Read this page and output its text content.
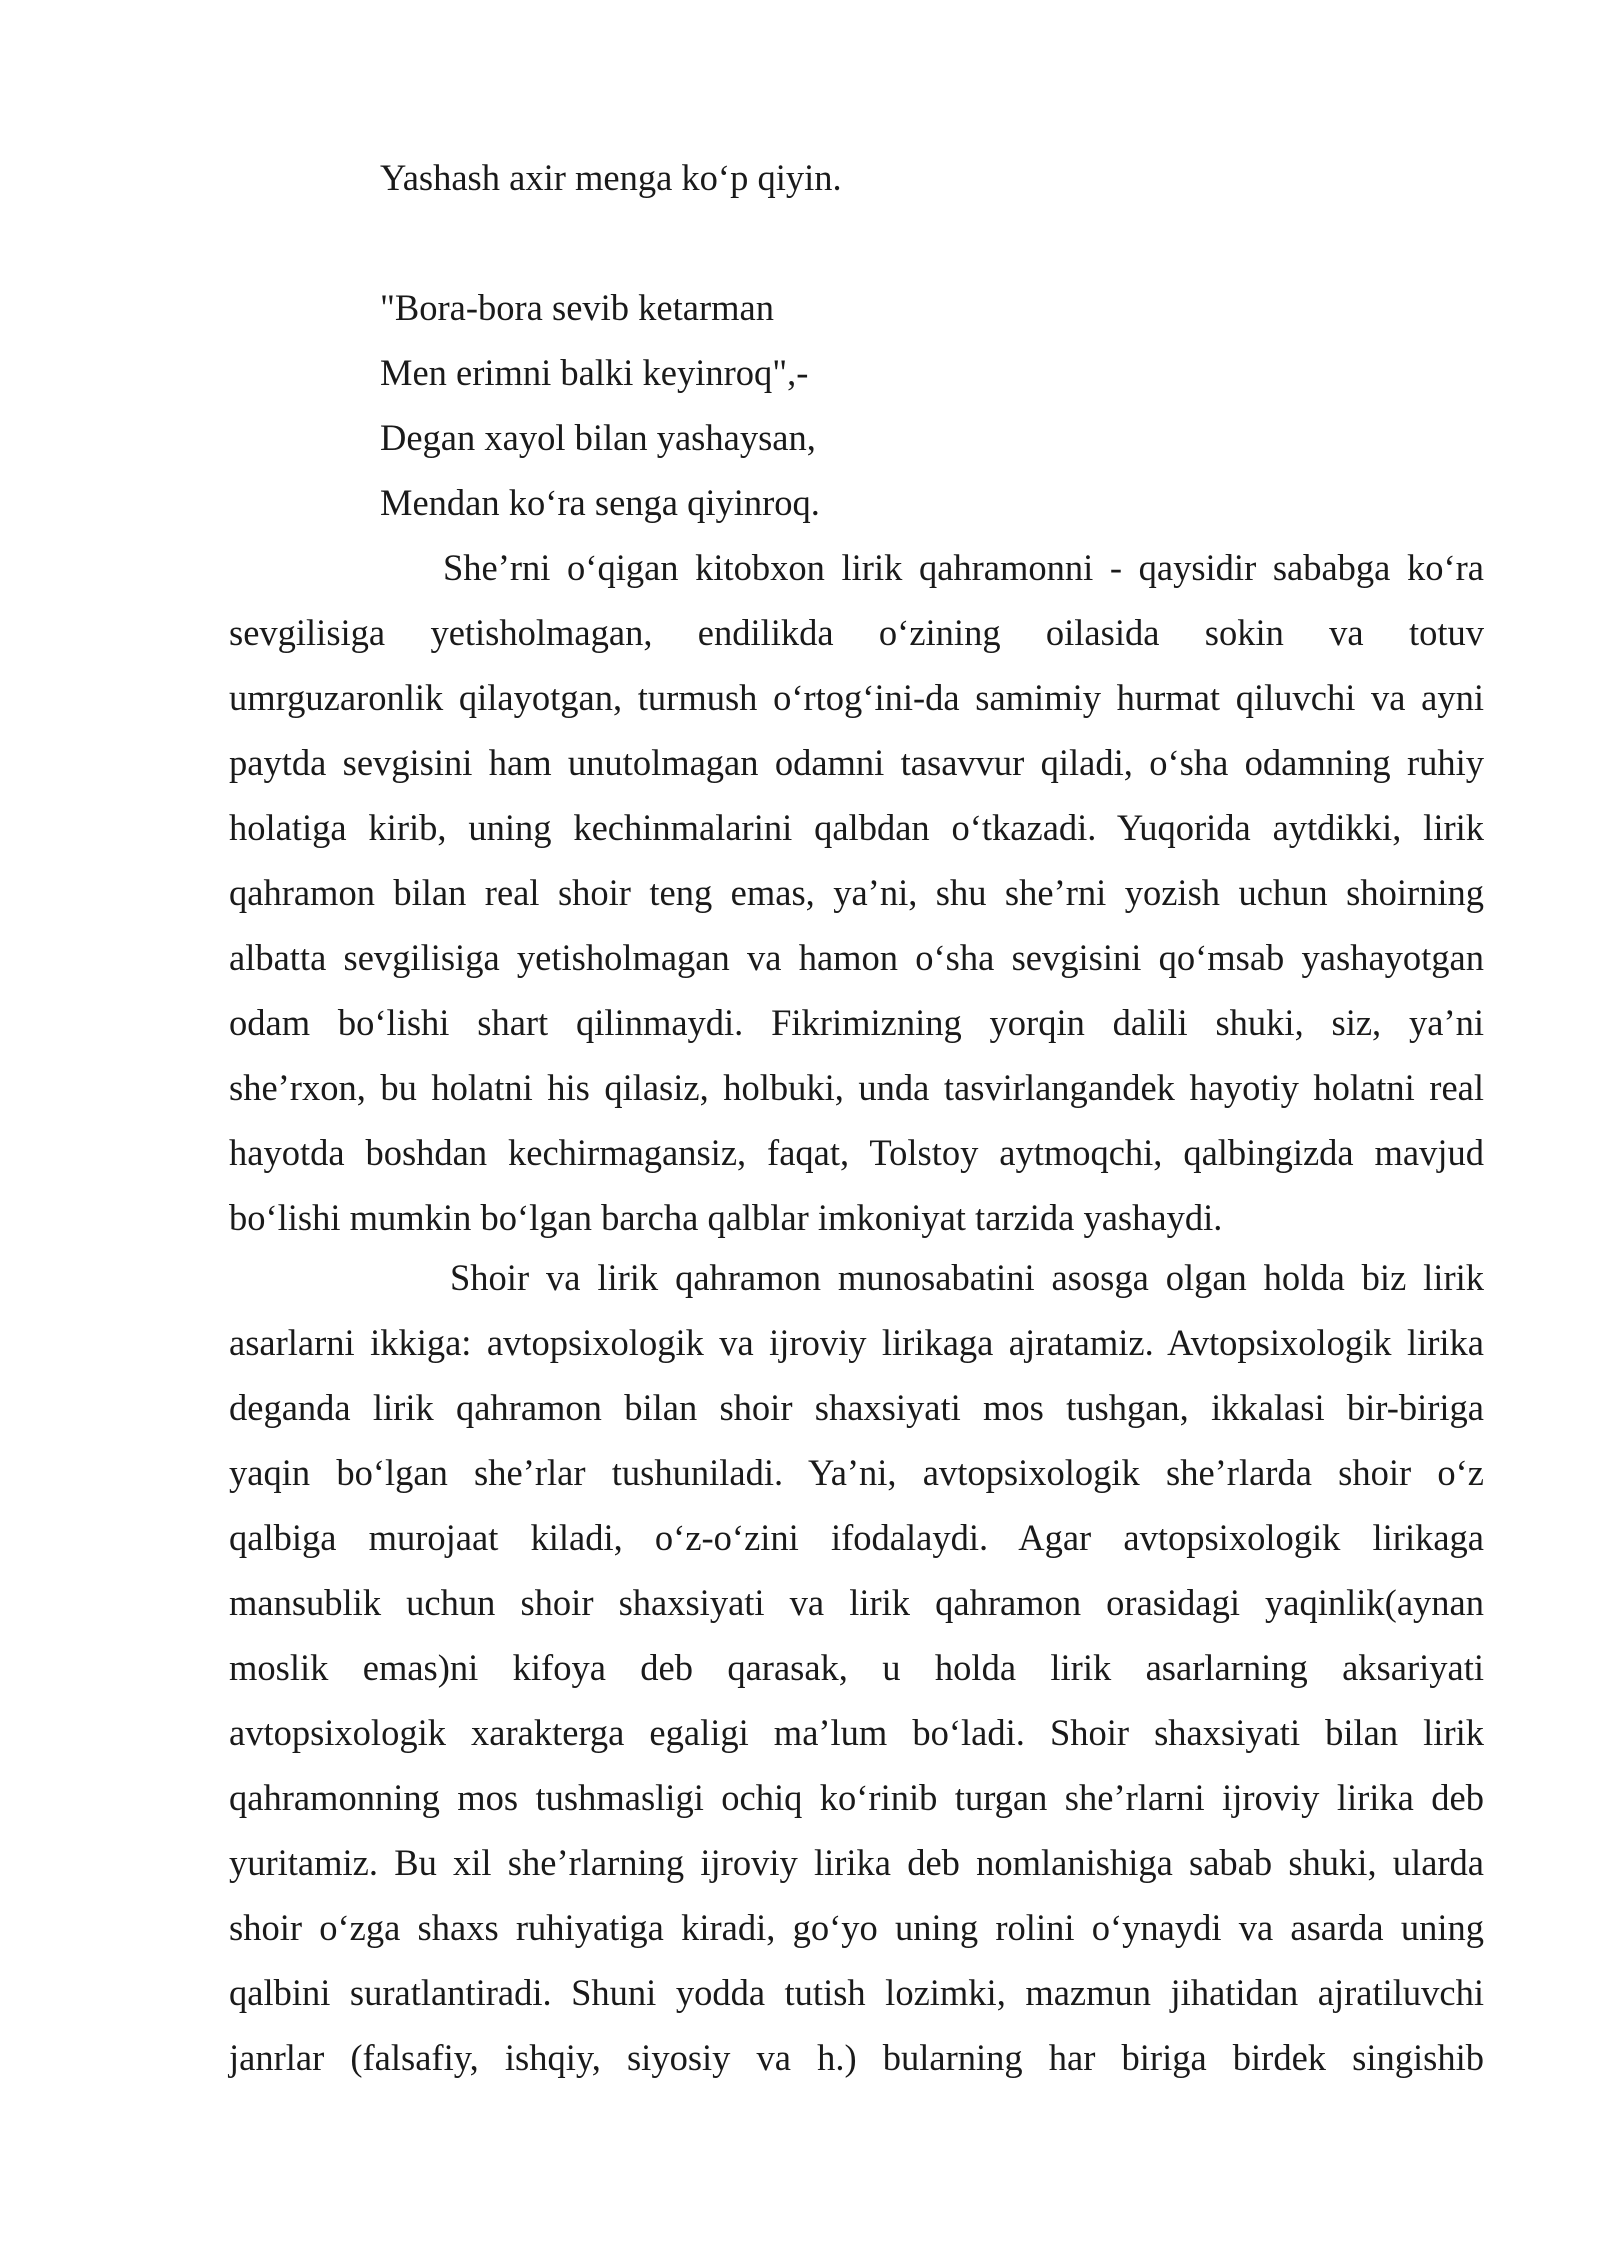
Yashash axir menga ko‘p qiyin.
"Bora-bora sevib ketarman
Men erimni balki keyinroq",-
Degan xayol bilan yashaysan,
Mendan ko‘ra senga qiyinroq.
She’rni o‘qigan kitobxon lirik qahramonni - qaysidir sababga ko‘ra
sevgilisiga yetisholmagan, endilikda o‘zining oilasida sokin va totuv
umrguzaronlik qilayotgan, turmush o‘rtog‘ini-da samimiy hurmat qiluvchi va ayni
paytda sevgisini ham unutolmagan odamni tasavvur qiladi, o‘sha odamning ruhiy
holatiga kirib, uning kechinmalarini qalbdan o‘tkazadi. Yuqorida aytdikki, lirik
qahramon bilan real shoir teng emas, ya’ni, shu she’rni yozish uchun shoirning
albatta sevgilisiga yetisholmagan va hamon o‘sha sevgisini qo‘msab yashayotgan
odam bo‘lishi shart qilinmaydi. Fikrimizning yorqin dalili shuki, siz, ya’ni
she’rxon, bu holatni his qilasiz, holbuki, unda tasvirlangandek hayotiy holatni real
hayotda boshdan kechirmagansiz, faqat, Tolstoy aytmoqchi, qalbingizda mavjud
bo‘lishi mumkin bo‘lgan barcha qalblar imkoniyat tarzida yashaydi.
Shoir va lirik qahramon munosabatini asosga olgan holda biz lirik
asarlarni ikkiga: avtopsixologik va ijroviy lirikaga ajratamiz. Avtopsixologik lirika
deganda lirik qahramon bilan shoir shaxsiyati mos tushgan, ikkalasi bir-biriga
yaqin bo‘lgan she’rlar tushuniladi. Ya’ni, avtopsixologik she’rlarda shoir o‘z
qalbiga murojaat kiladi, o‘z-o‘zini ifodalaydi. Agar avtopsixologik lirikaga
mansublik uchun shoir shaxsiyati va lirik qahramon orasidagi yaqinlik(aynan
moslik emas)ni kifoya deb qarasak, u holda lirik asarlarning aksariyati
avtopsixologik xarakterga egaligi ma’lum bo‘ladi. Shoir shaxsiyati bilan lirik
qahramonning mos tushmasligi ochiq ko‘rinib turgan she’rlarni ijroviy lirika deb
yuritamiz. Bu xil she’rlarning ijroviy lirika deb nomlanishiga sabab shuki, ularda
shoir o‘zga shaxs ruhiyatiga kiradi, go‘yo uning rolini o‘ynaydi va asarda uning
qalbini suratlantiradi. Shuni yodda tutish lozimki, mazmun jihatidan ajratiluvchi
janrlar (falsafiy, ishqiy, siyosiy va h.) bularning har biriga birdek singishib
